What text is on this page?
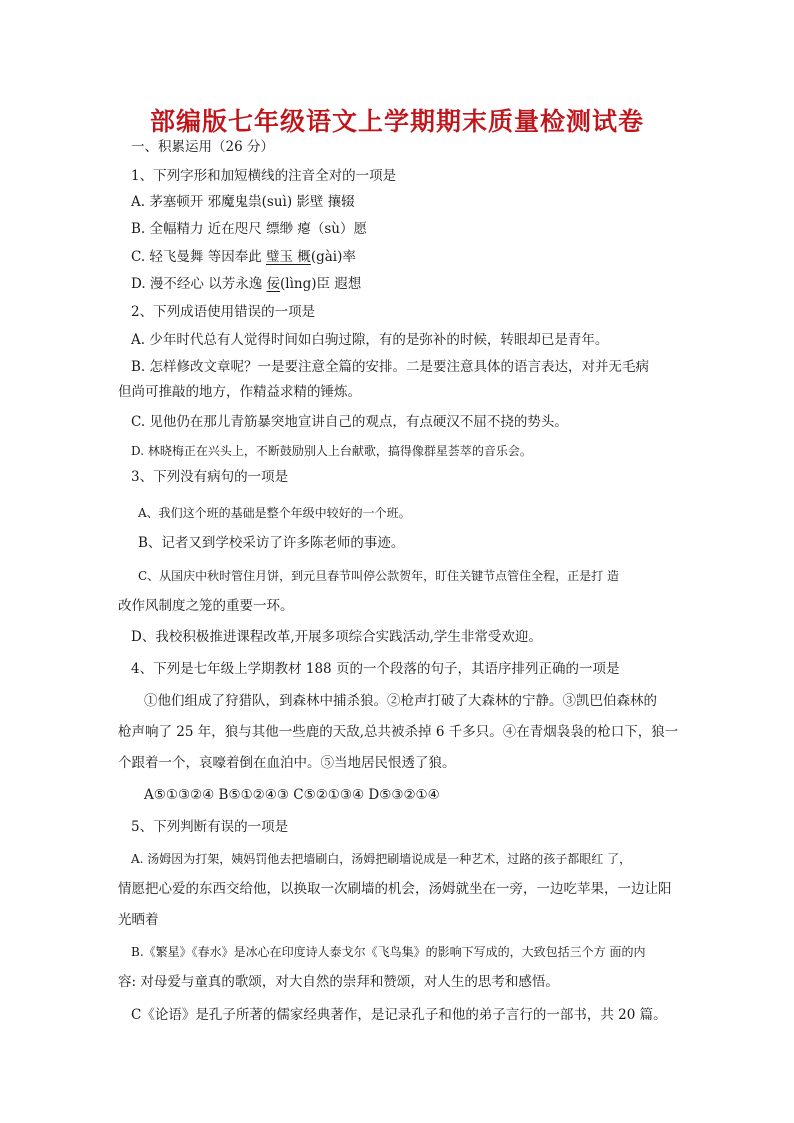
部编版七年级语文上学期期末质量检测试卷
一、积累运用（26 分）
1、下列字形和加短横线的注音全对的一项是
A. 茅塞顿开 邪魔鬼祟(suì) 影壁 攘辍
B. 全幅精力 近在咫尺 缥缈 瘪（sù）愿
C. 轻飞曼舞 等因奉此 璧玉 概(gài)率
D. 漫不经心 以芳永逸 佞(lìng)臣 遐想
2、下列成语使用错误的一项是
A. 少年时代总有人觉得时间如白驹过隙，有的是弥补的时候，转眼却已是青年。
B. 怎样修改文章呢？一是要注意全篇的安排。二是要注意具体的语言表达，对并无毛病
但尚可推敲的地方，作精益求精的锤炼。
C. 见他仍在那儿青筋暴突地宣讲自己的观点，有点硬汉不屈不挠的势头。
D. 林晓梅正在兴头上，不断鼓励别人上台献歌，搞得像群星荟萃的音乐会。
3、下列没有病句的一项是
A、我们这个班的基础是整个年级中较好的一个班。
B、记者又到学校采访了许多陈老师的事迹。
C、从国庆中秋时管住月饼，到元旦春节叫停公款贺年，盯住关键节点管住全程，正是打 造
改作风制度之笼的重要一环。
D、我校积极推进课程改革,开展多项综合实践活动,学生非常受欢迎。
4、下列是七年级上学期教材 188 页的一个段落的句子，其语序排列正确的一项是
①他们组成了狩猎队，到森林中捕杀狼。②枪声打破了大森林的宁静。③凯巴伯森林的
枪声响了 25 年，狼与其他一些鹿的天敌,总共被杀掉 6 千多只。④在青烟袅袅的枪口下，狼一
个跟着一个，哀嚎着倒在血泊中。⑤当地居民恨透了狼。
A⑤①③②④ B⑤①②④③ C⑤②①③④ D⑤③②①④
5、下列判断有误的一项是
A. 汤姆因为打架，姨妈罚他去把墙刷白，汤姆把刷墙说成是一种艺术，过路的孩子都眼红 了，
情愿把心爱的东西交给他，以换取一次刷墙的机会，汤姆就坐在一旁，一边吃苹果，一边让阳
光晒着
B.《繁星》《春水》是冰心在印度诗人泰戈尔《飞鸟集》的影响下写成的，大致包括三个方 面的内
容: 对母爱与童真的歌颂，对大自然的崇拜和赞颂，对人生的思考和感悟。
C《论语》是孔子所著的儒家经典著作，是记录孔子和他的弟子言行的一部书，共 20 篇。
